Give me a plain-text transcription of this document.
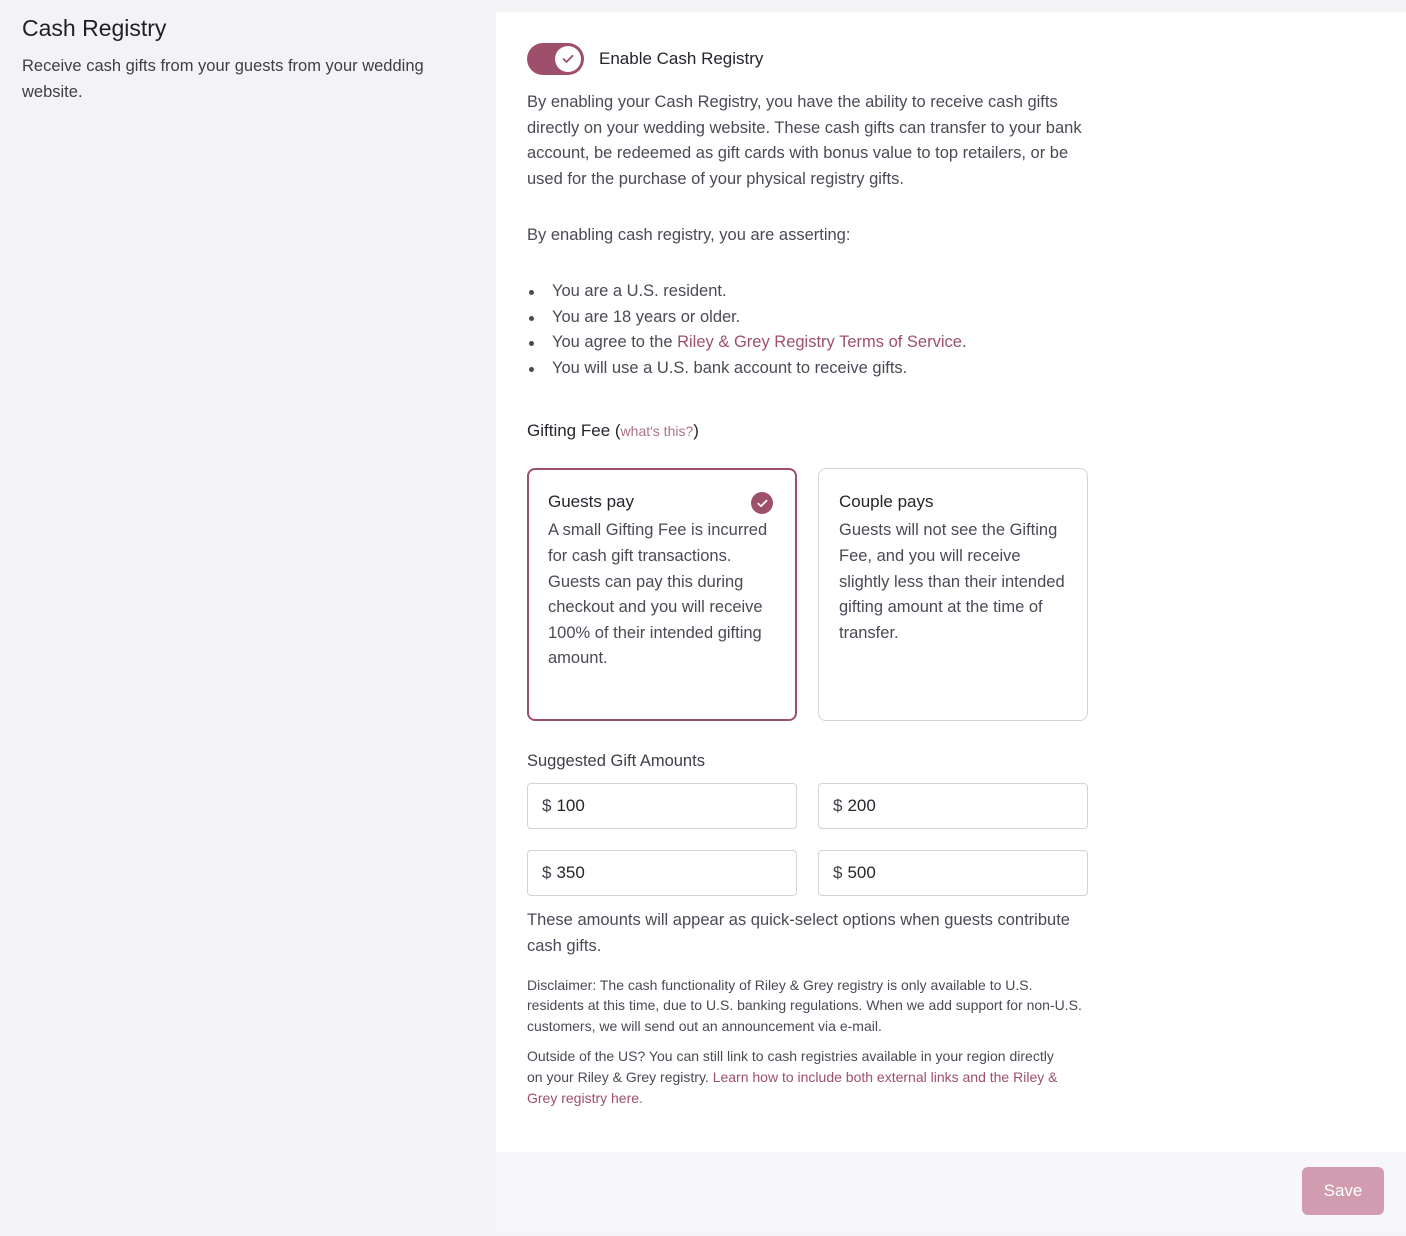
Cash Registry

Receive cash gifts from your guests from your wedding website.

Enable Cash Registry

By enabling your Cash Registry, you have the ability to receive cash gifts directly on your wedding website. These cash gifts can transfer to your bank account, be redeemed as gift cards with bonus value to top retailers, or be used for the purchase of your physical registry gifts.

By enabling cash registry, you are asserting:

You are a U.S. resident.
You are 18 years or older.
You agree to the Riley & Grey Registry Terms of Service.
You will use a U.S. bank account to receive gifts.
Gifting Fee (what's this?)
Guests pay

A small Gifting Fee is incurred for cash gift transactions. Guests can pay this during checkout and you will receive 100% of their intended gifting amount.

Couple pays

Guests will not see the Gifting Fee, and you will receive slightly less than their intended gifting amount at the time of transfer.

Suggested Gift Amounts
$
100	$
200
$
350	$
500

These amounts will appear as quick-select options when guests contribute cash gifts.

Disclaimer: The cash functionality of Riley & Grey registry is only available to U.S. residents at this time, due to U.S. banking regulations. When we add support for non-U.S. customers, we will send out an announcement via e-mail.

Outside of the US? You can still link to cash registries available in your region directly on your Riley & Grey registry. Learn how to include both external links and the Riley & Grey registry here.

Save
